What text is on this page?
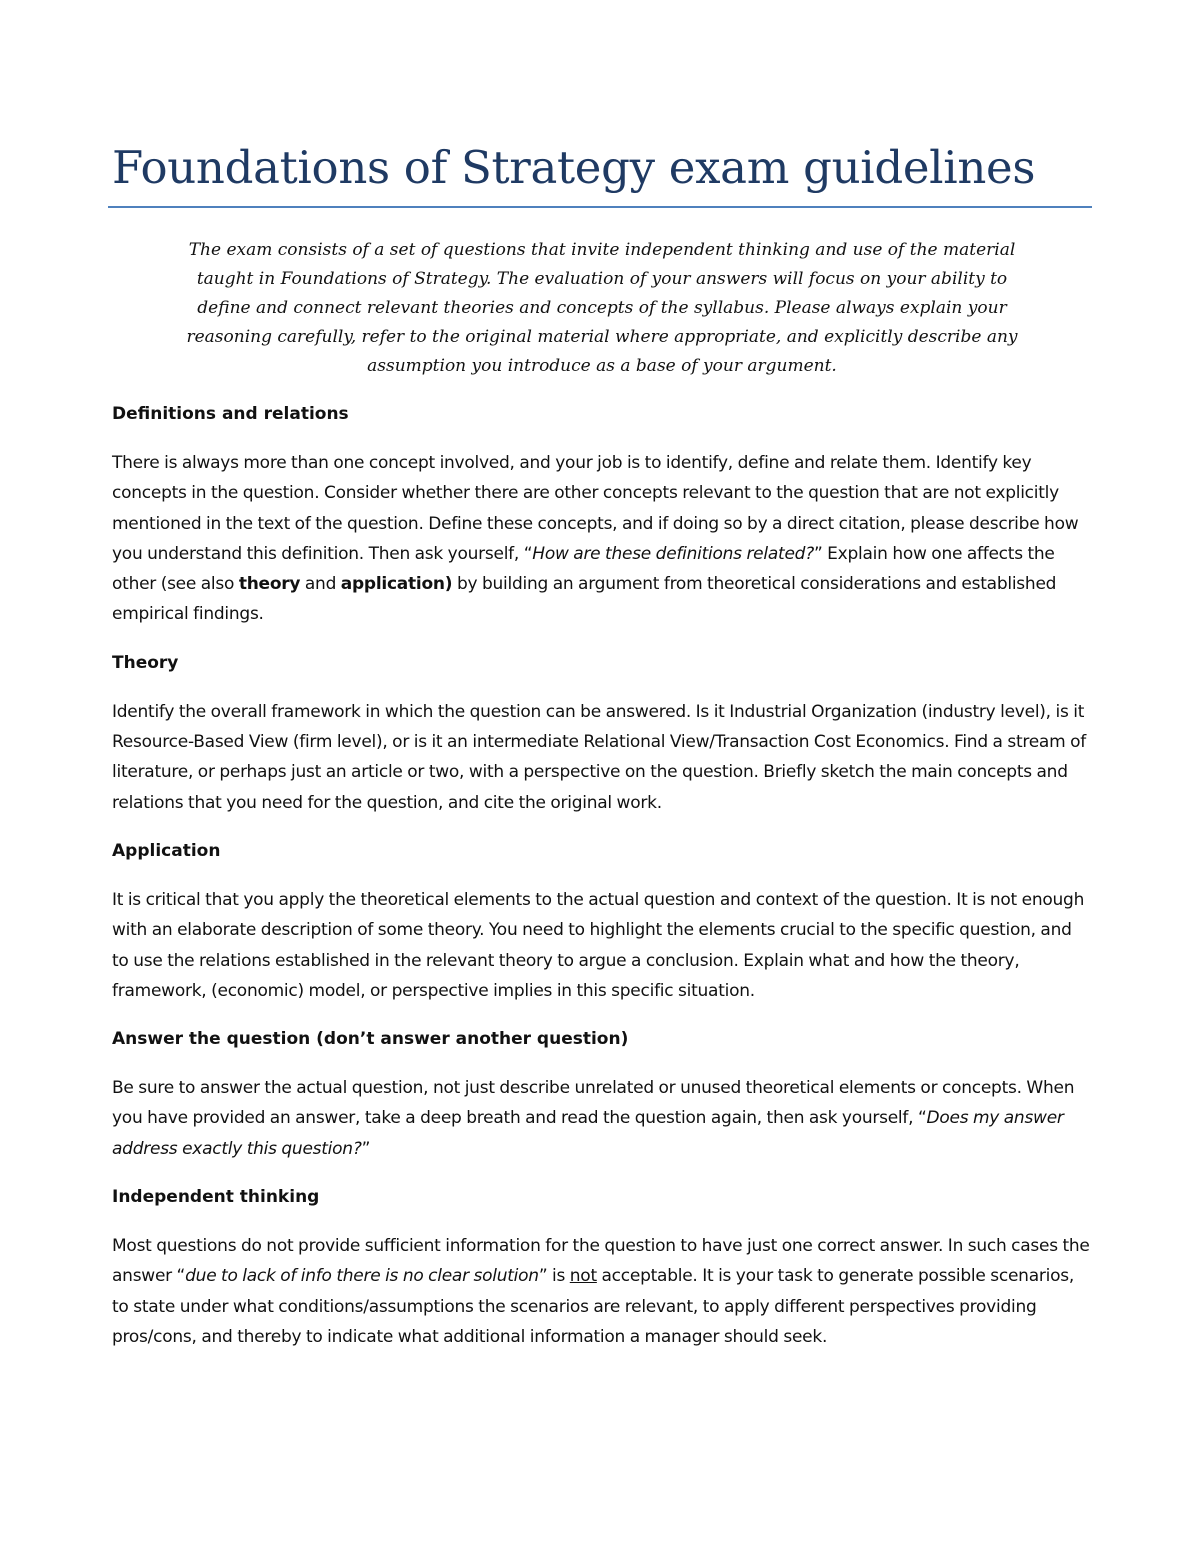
Foundations of Strategy exam guidelines

The exam consists of a set of questions that invite independent thinking and use of the material taught in Foundations of Strategy. The evaluation of your answers will focus on your ability to define and connect relevant theories and concepts of the syllabus. Please always explain your reasoning carefully, refer to the original material where appropriate, and explicitly describe any assumption you introduce as a base of your argument.

Definitions and relations

There is always more than one concept involved, and your job is to identify, define and relate them. Identify key concepts in the question. Consider whether there are other concepts relevant to the question that are not explicitly mentioned in the text of the question. Define these concepts, and if doing so by a direct citation, please describe how you understand this definition. Then ask yourself, “How are these definitions related?” Explain how one affects the other (see also theory and application) by building an argument from theoretical considerations and established empirical findings.

Theory

Identify the overall framework in which the question can be answered. Is it Industrial Organization (industry level), is it Resource-Based View (firm level), or is it an intermediate Relational View/Transaction Cost Economics. Find a stream of literature, or perhaps just an article or two, with a perspective on the question. Briefly sketch the main concepts and relations that you need for the question, and cite the original work.

Application

It is critical that you apply the theoretical elements to the actual question and context of the question. It is not enough with an elaborate description of some theory. You need to highlight the elements crucial to the specific question, and to use the relations established in the relevant theory to argue a conclusion. Explain what and how the theory, framework, (economic) model, or perspective implies in this specific situation.

Answer the question (don’t answer another question)

Be sure to answer the actual question, not just describe unrelated or unused theoretical elements or concepts. When you have provided an answer, take a deep breath and read the question again, then ask yourself, “Does my answer address exactly this question?”

Independent thinking

Most questions do not provide sufficient information for the question to have just one correct answer. In such cases the answer “due to lack of info there is no clear solution” is not acceptable. It is your task to generate possible scenarios, to state under what conditions/assumptions the scenarios are relevant, to apply different perspectives providing pros/cons, and thereby to indicate what additional information a manager should seek.
